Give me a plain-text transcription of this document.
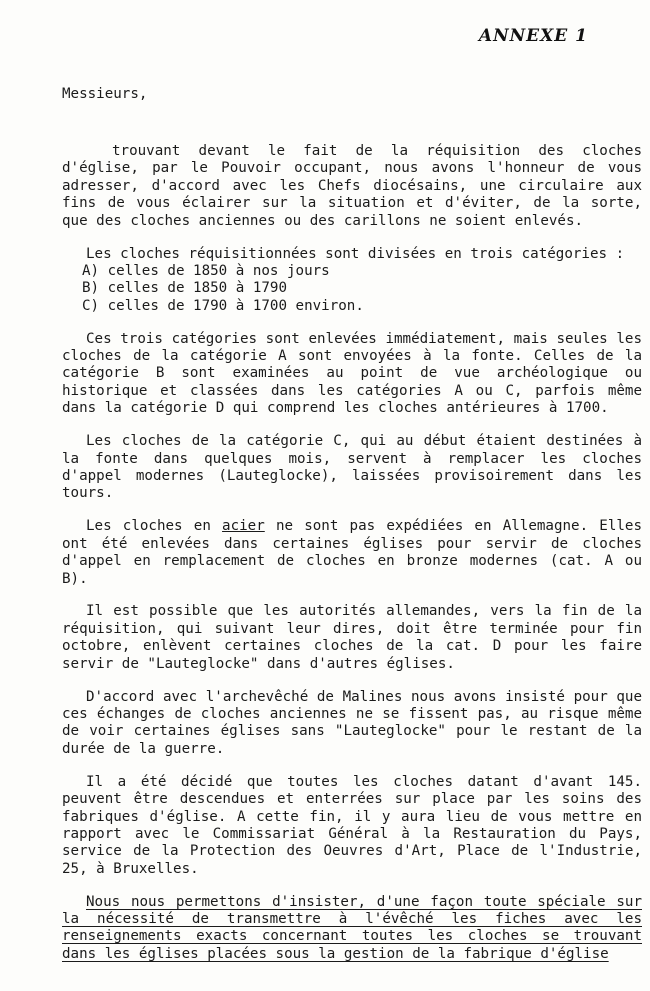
ANNEXE 1
Messieurs,

trouvant devant le fait de la réquisition des cloches d'église, par le Pouvoir occupant, nous avons l'honneur de vous adresser, d'accord avec les Chefs diocésains, une circulaire aux fins de vous éclairer sur la situation et d'éviter, de la sorte, que des cloches anciennes ou des carillons ne soient enlevés.

Les cloches réquisitionnées sont divisées en trois catégories :

A) celles de 1850 à nos jours
B) celles de 1850 à 1790
C) celles de 1790 à 1700 environ.

Ces trois catégories sont enlevées immédiatement, mais seules les cloches de la catégorie A sont envoyées à la fonte. Celles de la catégorie B sont examinées au point de vue archéologique ou historique et classées dans les catégories A ou C, parfois même dans la catégorie D qui comprend les cloches antérieures à 1700.

Les cloches de la catégorie C, qui au début étaient destinées à la fonte dans quelques mois, servent à remplacer les cloches d'appel modernes (Lauteglocke), laissées provisoirement dans les tours.

Les cloches en acier ne sont pas expédiées en Allemagne. Elles ont été enlevées dans certaines églises pour servir de cloches d'appel en remplacement de cloches en bronze modernes (cat. A ou B).

Il est possible que les autorités allemandes, vers la fin de la réquisition, qui suivant leur dires, doit être terminée pour fin octobre, enlèvent certaines cloches de la cat. D pour les faire servir de "Lauteglocke" dans d'autres églises.

D'accord avec l'archevêché de Malines nous avons insisté pour que ces échanges de cloches anciennes ne se fissent pas, au risque même de voir certaines églises sans "Lauteglocke" pour le restant de la durée de la guerre.

Il a été décidé que toutes les cloches datant d'avant 145. peuvent être descendues et enterrées sur place par les soins des fabriques d'église. A cette fin, il y aura lieu de vous mettre en rapport avec le Commissariat Général à la Restauration du Pays, service de la Protection des Oeuvres d'Art, Place de l'Industrie, 25, à Bruxelles.

Nous nous permettons d'insister, d'une façon toute spéciale sur la nécessité de transmettre à l'évêché les fiches avec les renseignements exacts concernant toutes les cloches se trouvant dans les églises placées sous la gestion de la fabrique d'église
